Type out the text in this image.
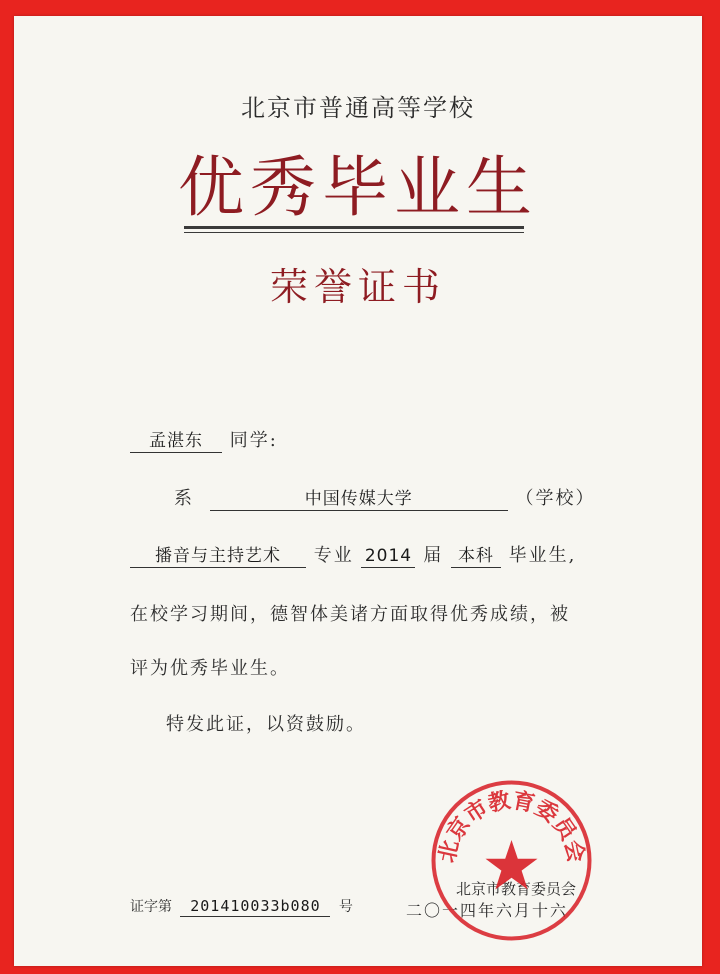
北京市普通高等学校
优秀毕业生
荣誉证书
孟湛东 同学:
系	中国传媒大学	（学校）
播音与主持艺术 专业 2014 届 本科 毕业生,
在校学习期间，德智体美诸方面取得优秀成绩，被
评为优秀毕业生。
特发此证，以资鼓励。
证字第 201410033b080 号
北京市教育委员会
二〇一四年六月十六
北京市教育委员会
